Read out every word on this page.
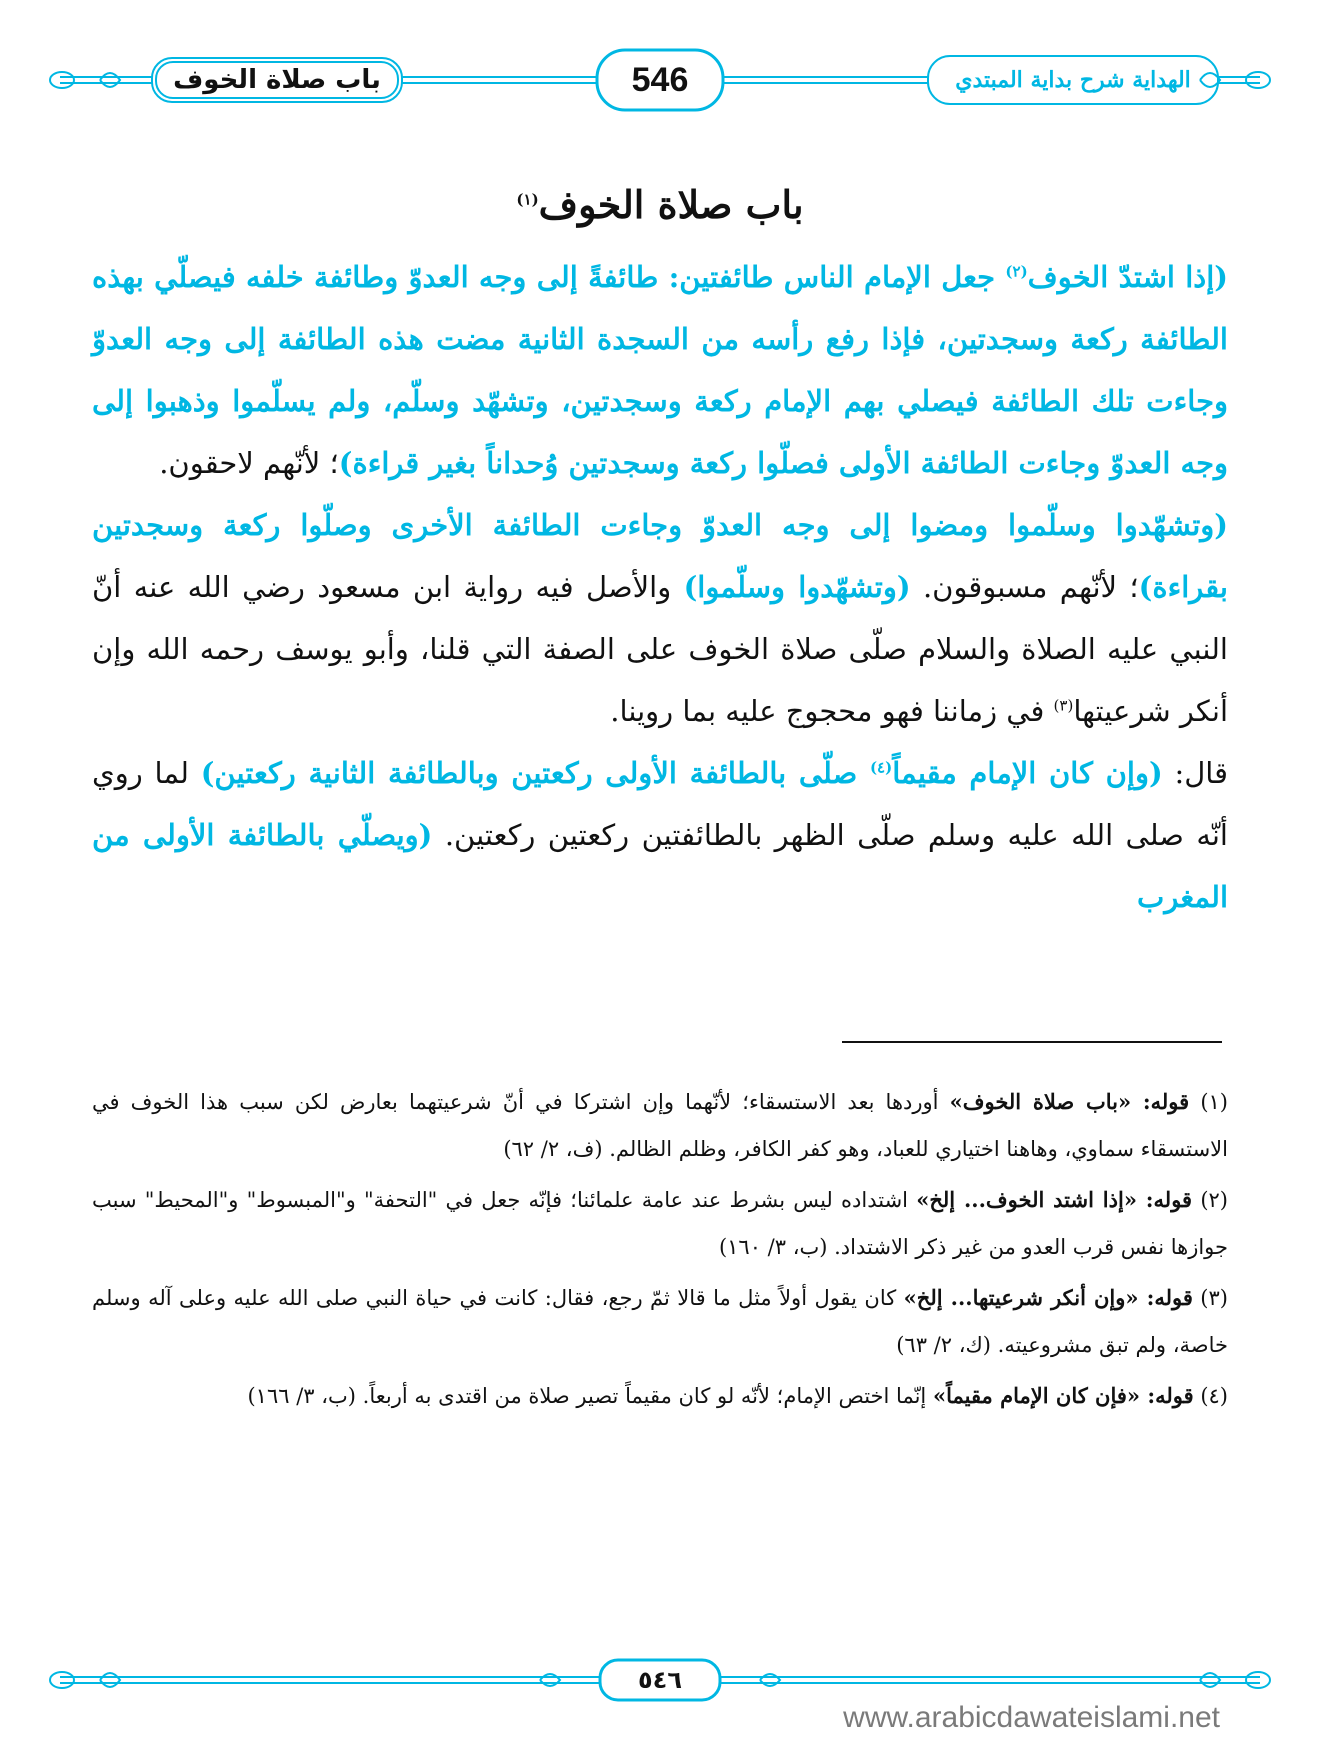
باب صلاة الخوف	546	الهداية شرح بداية المبتدي
باب صلاة الخوف$^{(١)}$

(إذا اشتدّ الخوف$^{(٢)}$ جعل الإمام الناس طائفتين: طائفةً إلى وجه العدوّ وطائفة خلفه فيصلّي بهذه الطائفة ركعة وسجدتين، فإذا رفع رأسه من السجدة الثانية مضت هذه الطائفة إلى وجه العدوّ وجاءت تلك الطائفة فيصلي بهم الإمام ركعة وسجدتين، وتشهّد وسلّم، ولم يسلّموا وذهبوا إلى وجه العدوّ وجاءت الطائفة الأولى فصلّوا ركعة وسجدتين وُحداناً بغير قراءة)؛ لأنّهم لاحقون.

(وتشهّدوا وسلّموا ومضوا إلى وجه العدوّ وجاءت الطائفة الأخرى وصلّوا ركعة وسجدتين بقراءة)؛ لأنّهم مسبوقون. (وتشهّدوا وسلّموا) والأصل فيه رواية ابن مسعود رضي الله عنه أنّ النبي عليه الصلاة والسلام صلّى صلاة الخوف على الصفة التي قلنا، وأبو يوسف رحمه الله وإن أنكر شرعيتها$^{(٣)}$ في زماننا فهو محجوج عليه بما روينا.

قال: (وإن كان الإمام مقيماً$^{(٤)}$ صلّى بالطائفة الأولى ركعتين وبالطائفة الثانية ركعتين) لما روي أنّه صلى الله عليه وسلم صلّى الظهر بالطائفتين ركعتين ركعتين. (ويصلّي بالطائفة الأولى من المغرب

(١) قوله: «باب صلاة الخوف» أوردها بعد الاستسقاء؛ لأنّهما وإن اشتركا في أنّ شرعيتهما بعارض لكن سبب هذا الخوف في الاستسقاء سماوي، وهاهنا اختياري للعباد، وهو كفر الكافر، وظلم الظالم. (ف، ٢/ ٦٢)

(٢) قوله: «إذا اشتد الخوف... إلخ» اشتداده ليس بشرط عند عامة علمائنا؛ فإنّه جعل في "التحفة" و"المبسوط" و"المحيط" سبب جوازها نفس قرب العدو من غير ذكر الاشتداد. (ب، ٣/ ١٦٠)

(٣) قوله: «وإن أنكر شرعيتها... إلخ» كان يقول أولاً مثل ما قالا ثمّ رجع، فقال: كانت في حياة النبي صلى الله عليه وعلى آله وسلم خاصة، ولم تبق مشروعيته. (ك، ٢/ ٦٣)

(٤) قوله: «فإن كان الإمام مقيماً» إنّما اختص الإمام؛ لأنّه لو كان مقيماً تصير صلاة من اقتدى به أربعاً. (ب، ٣/ ١٦٦)

٥٤٦
www.arabicdawateislami.net
